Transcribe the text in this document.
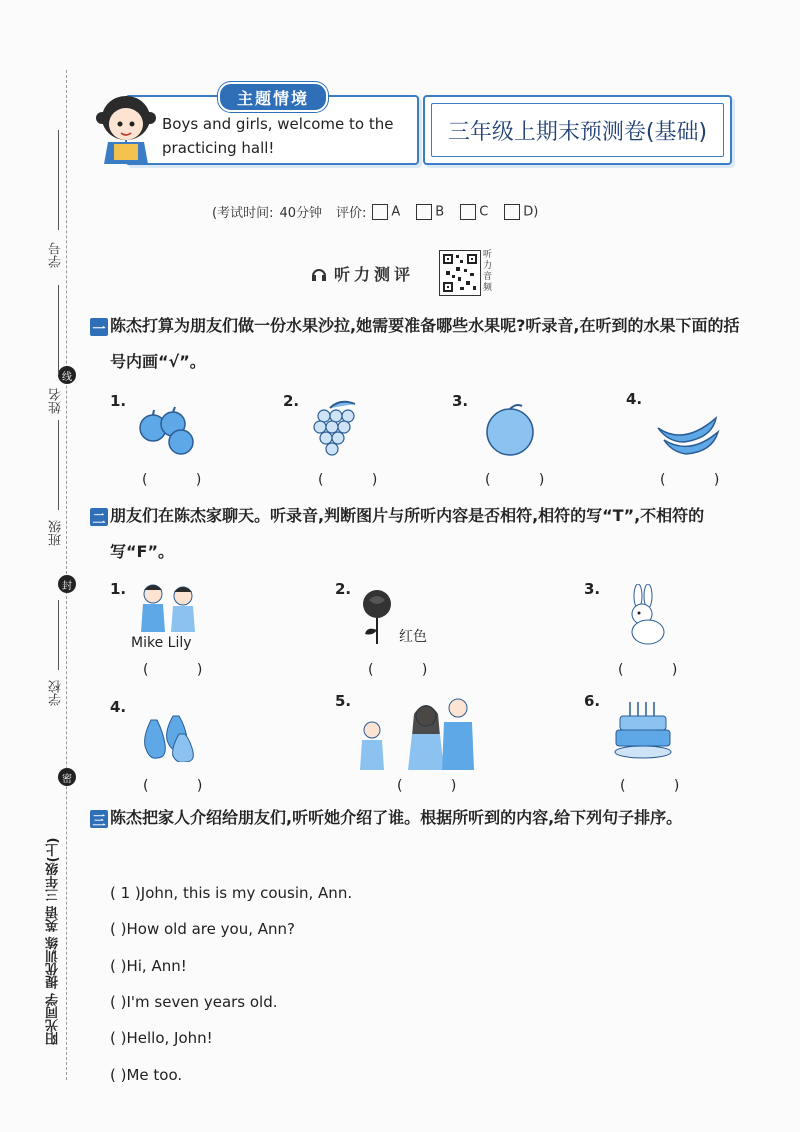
学号
线
姓名
班级
封
学校
密
阳光同学 提优训练 英语 三年级(上)
主题情境
Boys and girls, welcome to the practicing hall!
三年级上期末预测卷(基础)
(考试时间: 40分钟 评价:	A	B	C	D)
听力测评
听力音频
一 陈杰打算为朋友们做一份水果沙拉,她需要准备哪些水果呢?听录音,在听到的水果下面的括号内画“√”。
1.
( )
2.
( )
3.
( )
4.
( )
二 朋友们在陈杰家聊天。听录音,判断图片与所听内容是否相符,相符的写“T”,不相符的写“F”。
1.
Mike Lily
( )
2.
红色
( )
3.
( )
4.
( )
5.
( )
6.
( )
三 陈杰把家人介绍给朋友们,听听她介绍了谁。根据所听到的内容,给下列句子排序。
( 1 )John, this is my cousin, Ann.
( )How old are you, Ann?
( )Hi, Ann!
( )I'm seven years old.
( )Hello, John!
( )Me too.
